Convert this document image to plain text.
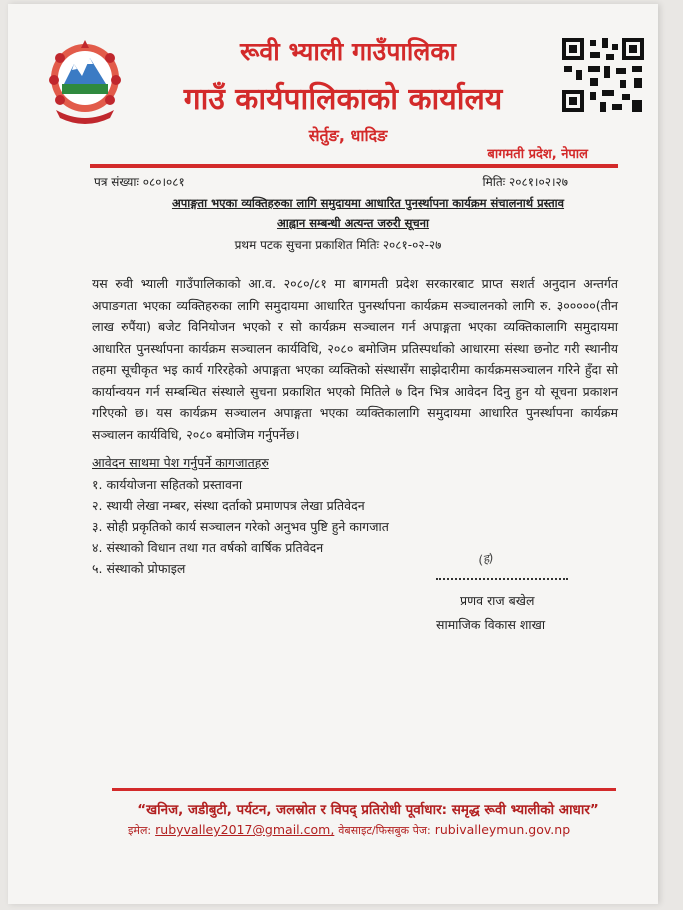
रूवी भ्याली गाउँपालिका
गाउँ कार्यपालिकाको कार्यालय
सेर्तुङ, धादिङ
बागमती प्रदेश, नेपाल
पत्र संख्याः ०८०।०८१	मितिः २०८१।०२।२७
अपाङ्गता भएका व्यक्तिहरुका लागि समुदायमा आधारित पुनर्स्थापना कार्यक्रम संचालनार्थ प्रस्ताव
आह्वान सम्बन्धी अत्यन्त जरुरी सूचना
प्रथम पटक सुचना प्रकाशित मितिः २०८१-०२-२७

यस रुवी भ्याली गाउँपालिकाको आ.व. २०८०/८१ मा बागमती प्रदेश सरकारबाट प्राप्त सशर्त अनुदान अन्तर्गत अपाङगता भएका व्यक्तिहरुका लागि समुदायमा आधारित पुनर्स्थापना कार्यक्रम सञ्चालनको लागि रु. ३०००००(तीन लाख रुपैंया) बजेट विनियोजन भएको र सो कार्यक्रम सञ्चालन गर्न अपाङ्गता भएका व्यक्तिकालागि समुदायमा आधारित पुनर्स्थापना कार्यक्रम सञ्चालन कार्यविधि, २०८० बमोजिम प्रतिस्पर्धाको आधारमा संस्था छनोट गरी स्थानीय तहमा सूचीकृत भइ कार्य गरिरहेको अपाङ्गता भएका व्यक्तिको संस्थासँग साझेदारीमा कार्यक्रमसञ्चालन गरिने हुँदा सो कार्यान्वयन गर्न सम्बन्धित संस्थाले सुचना प्रकाशित भएको मितिले ७ दिन भित्र आवेदन दिनु हुन यो सूचना प्रकाशन गरिएको छ। यस कार्यक्रम सञ्चालन अपाङ्गता भएका व्यक्तिकालागि समुदायमा आधारित पुनर्स्थापना कार्यक्रम सञ्चालन कार्यविधि, २०८० बमोजिम गर्नुपर्नेछ।

आवेदन साथमा पेश गर्नुपर्ने कागजातहरु
१. कार्ययोजना सहितको प्रस्तावना
२. स्थायी लेखा नम्बर, संस्था दर्ताको प्रमाणपत्र लेखा प्रतिवेदन
३. सोही प्रकृतिको कार्य सञ्चालन गरेको अनुभव पुष्टि हुने कागजात
४. संस्थाको विधान तथा गत वर्षको वार्षिक प्रतिवेदन
५. संस्थाको प्रोफाइल
(ह)
प्रणव राज बखेल
सामाजिक विकास शाखा
“खनिज, जडीबुटी, पर्यटन, जलस्रोत र विपद् प्रतिरोधी पूर्वाधार: समृद्ध रूवी भ्यालीको आधार”
इमेल: rubyvalley2017@gmail.com, वेबसाइट/फिसबुक पेज: rubivalleymun.gov.np
